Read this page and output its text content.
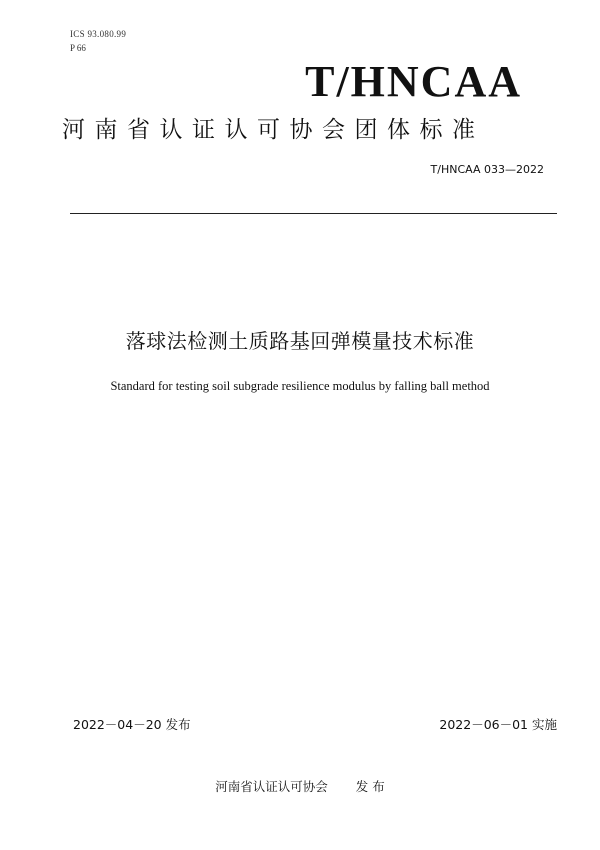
ICS 93.080.99
P 66
T/HNCAA
河南省认证认可协会团体标准
T/HNCAA 033—2022
落球法检测土质路基回弹模量技术标准
Standard for testing soil subgrade resilience modulus by falling ball method
2022－04－20 发布	2022－06－01 实施
河南省认证认可协会 发 布
